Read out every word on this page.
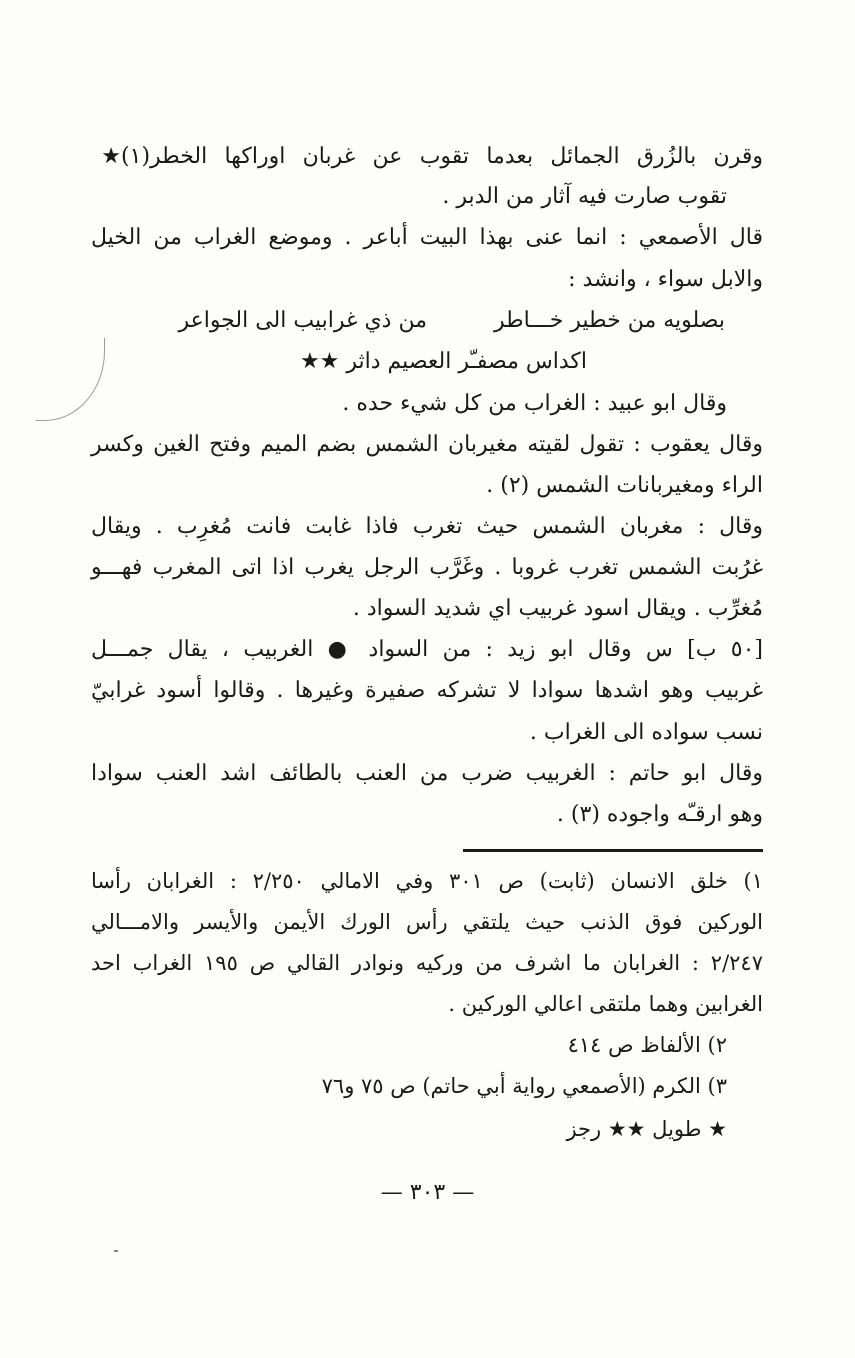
وقرن بالزُرق الجمائل بعدما تقوب عن غربان اوراكها الخطر(١)★
تقوب صارت فيه آثار من الدبر .
قال الأصمعي : انما عنى بهذا البيت أباعر . وموضع الغراب من الخيل
والابل سواء ، وانشد :
بصلويه من خطير خـــاطر
من ذي غرابيب الى الجواعر
اكداس مصفـّر العصيم داثر ★★
وقال ابو عبيد : الغراب من كل شيء حده .
وقال يعقوب : تقول لقيته مغيربان الشمس بضم الميم وفتح الغين وكسر
الراء ومغيربانات الشمس (٢) .
وقال : مغربان الشمس حيث تغرب فاذا غابت فانت مُغرِب . ويقال
غرُبت الشمس تغرب غروبا . وغَرَّب الرجل يغرب اذا اتى المغرب فهـــو
مُغرِّب . ويقال اسود غربيب اي شديد السواد .
[٥٠ ب] س وقال ابو زيد : من السواد ● الغربيب ، يقال جمـــل
غربيب وهو اشدها سوادا لا تشركه صفيرة وغيرها . وقالوا أسود غرابيّ
نسب سواده الى الغراب .
وقال ابو حاتم : الغربيب ضرب من العنب بالطائف اشد العنب سوادا
وهو ارقـّه واجوده (٣) .
١) خلق الانسان (ثابت) ص ٣٠١ وفي الامالي ٢/٢٥٠ : الغرابان رأسا
الوركين فوق الذنب حيث يلتقي رأس الورك الأيمن والأيسر والامـــالي
٢/٢٤٧ : الغرابان ما اشرف من وركيه ونوادر القالي ص ١٩٥ الغراب احد
الغرابين وهما ملتقى اعالي الوركين .
٢) الألفاظ ص ٤١٤
٣) الكرم (الأصمعي رواية أبي حاتم) ص ٧٥ و٧٦
★ طويل ★★ رجز
— ٣٠٣ —
